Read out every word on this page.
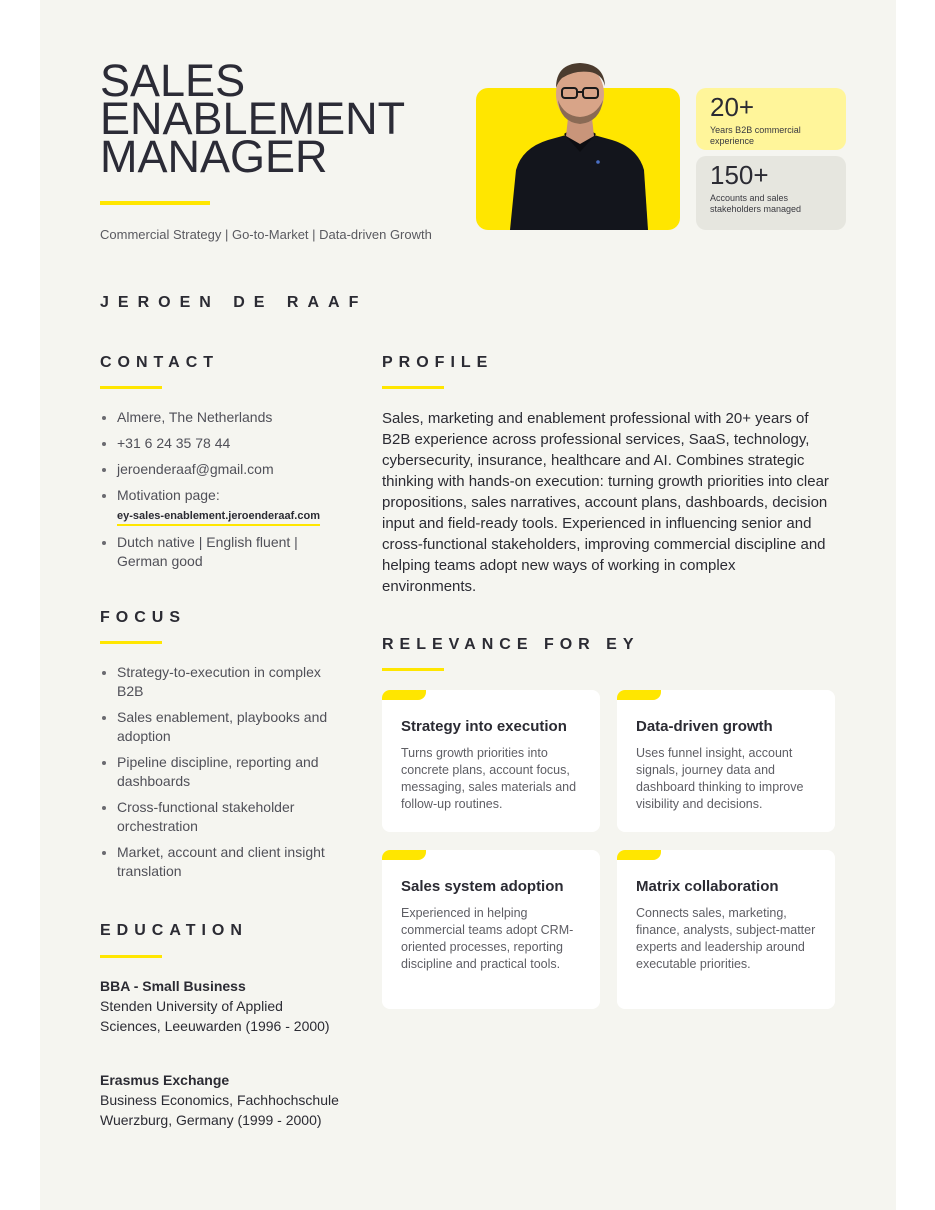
SALES
ENABLEMENT
MANAGER
Commercial Strategy | Go-to-Market | Data-driven Growth
20+
Years B2B commercial experience
150+
Accounts and sales stakeholders managed
JEROEN DE RAAF
CONTACT
Almere, The Netherlands
+31 6 24 35 78 44
jeroenderaaf@gmail.com
Motivation page:
ey-sales-enablement.jeroenderaaf.com
Dutch native | English fluent | German good
FOCUS
Strategy-to-execution in complex B2B
Sales enablement, playbooks and adoption
Pipeline discipline, reporting and dashboards
Cross-functional stakeholder orchestration
Market, account and client insight translation
EDUCATION
BBA - Small Business
Stenden University of Applied Sciences, Leeuwarden (1996 - 2000)
Erasmus Exchange
Business Economics, Fachhochschule Wuerzburg, Germany (1999 - 2000)
PROFILE
Sales, marketing and enablement professional with 20+ years of B2B experience across professional services, SaaS, technology, cybersecurity, insurance, healthcare and AI. Combines strategic thinking with hands-on execution: turning growth priorities into clear propositions, sales narratives, account plans, dashboards, decision input and field-ready tools. Experienced in influencing senior and cross-functional stakeholders, improving commercial discipline and helping teams adopt new ways of working in complex environments.
RELEVANCE FOR EY
Strategy into execution
Turns growth priorities into concrete plans, account focus, messaging, sales materials and follow-up routines.
Data-driven growth
Uses funnel insight, account signals, journey data and dashboard thinking to improve visibility and decisions.
Sales system adoption
Experienced in helping commercial teams adopt CRM-oriented processes, reporting discipline and practical tools.
Matrix collaboration
Connects sales, marketing, finance, analysts, subject-matter experts and leadership around executable priorities.
